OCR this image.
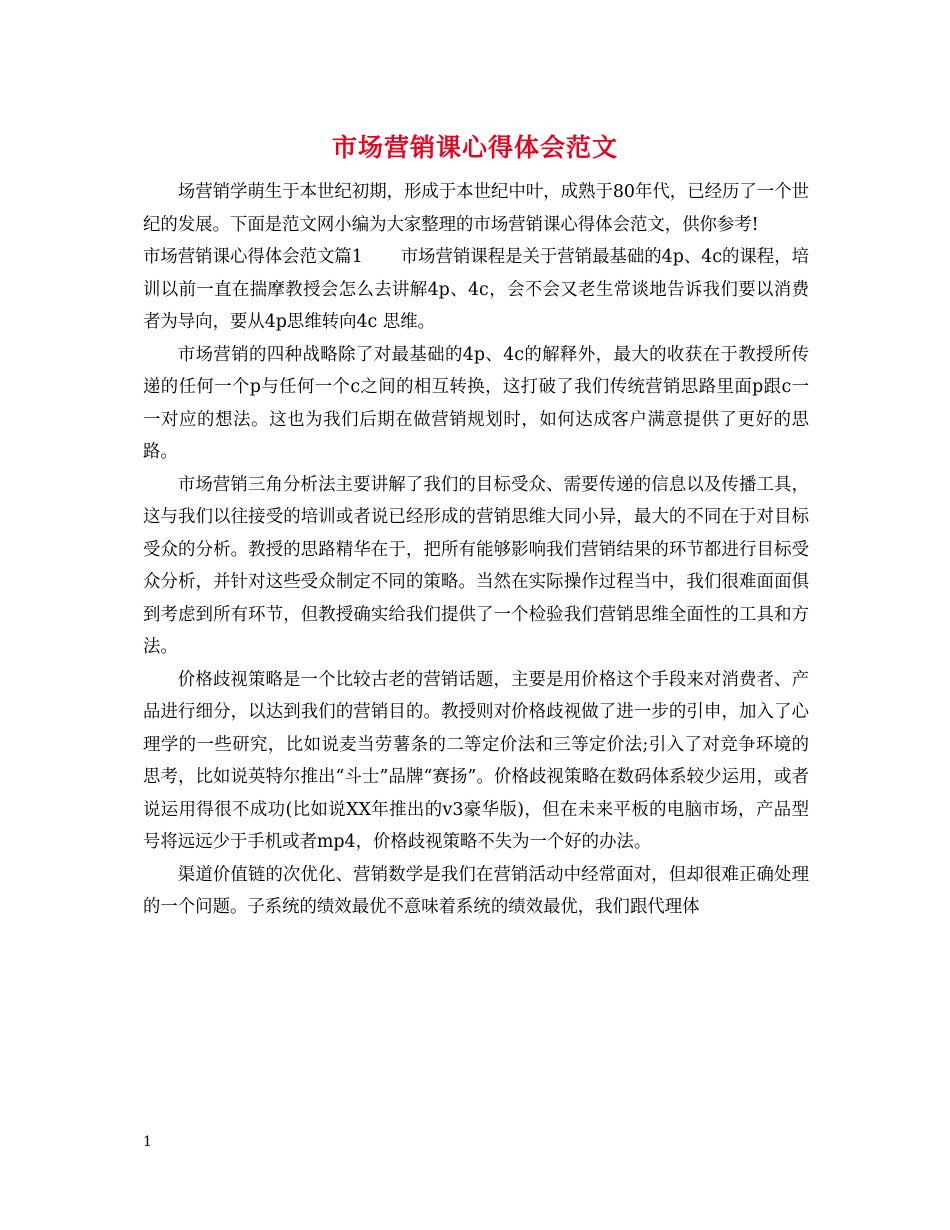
市场营销课心得体会范文

场营销学萌生于本世纪初期，形成于本世纪中叶，成熟于80年代，已经历了一个世纪的发展。下面是范文网小编为大家整理的市场营销课心得体会范文，供你参考!

市场营销课心得体会范文篇1 市场营销课程是关于营销最基础的4p、4c的课程，培训以前一直在揣摩教授会怎么去讲解4p、4c，会不会又老生常谈地告诉我们要以消费者为导向，要从4p思维转向4c 思维。

市场营销的四种战略除了对最基础的4p、4c的解释外，最大的收获在于教授所传递的任何一个p与任何一个c之间的相互转换，这打破了我们传统营销思路里面p跟c一一对应的想法。这也为我们后期在做营销规划时，如何达成客户满意提供了更好的思路。

市场营销三角分析法主要讲解了我们的目标受众、需要传递的信息以及传播工具，这与我们以往接受的培训或者说已经形成的营销思维大同小异，最大的不同在于对目标受众的分析。教授的思路精华在于，把所有能够影响我们营销结果的环节都进行目标受众分析，并针对这些受众制定不同的策略。当然在实际操作过程当中，我们很难面面俱到考虑到所有环节，但教授确实给我们提供了一个检验我们营销思维全面性的工具和方法。

价格歧视策略是一个比较古老的营销话题，主要是用价格这个手段来对消费者、产品进行细分，以达到我们的营销目的。教授则对价格歧视做了进一步的引申，加入了心理学的一些研究，比如说麦当劳薯条的二等定价法和三等定价法;引入了对竞争环境的思考，比如说英特尔推出“斗士”品牌“赛扬”。价格歧视策略在数码体系较少运用，或者说运用得很不成功(比如说XX年推出的v3豪华版)，但在未来平板的电脑市场，产品型号将远远少于手机或者mp4，价格歧视策略不失为一个好的办法。

渠道价值链的次优化、营销数学是我们在营销活动中经常面对，但却很难正确处理的一个问题。子系统的绩效最优不意味着系统的绩效最优，我们跟代理体

1
